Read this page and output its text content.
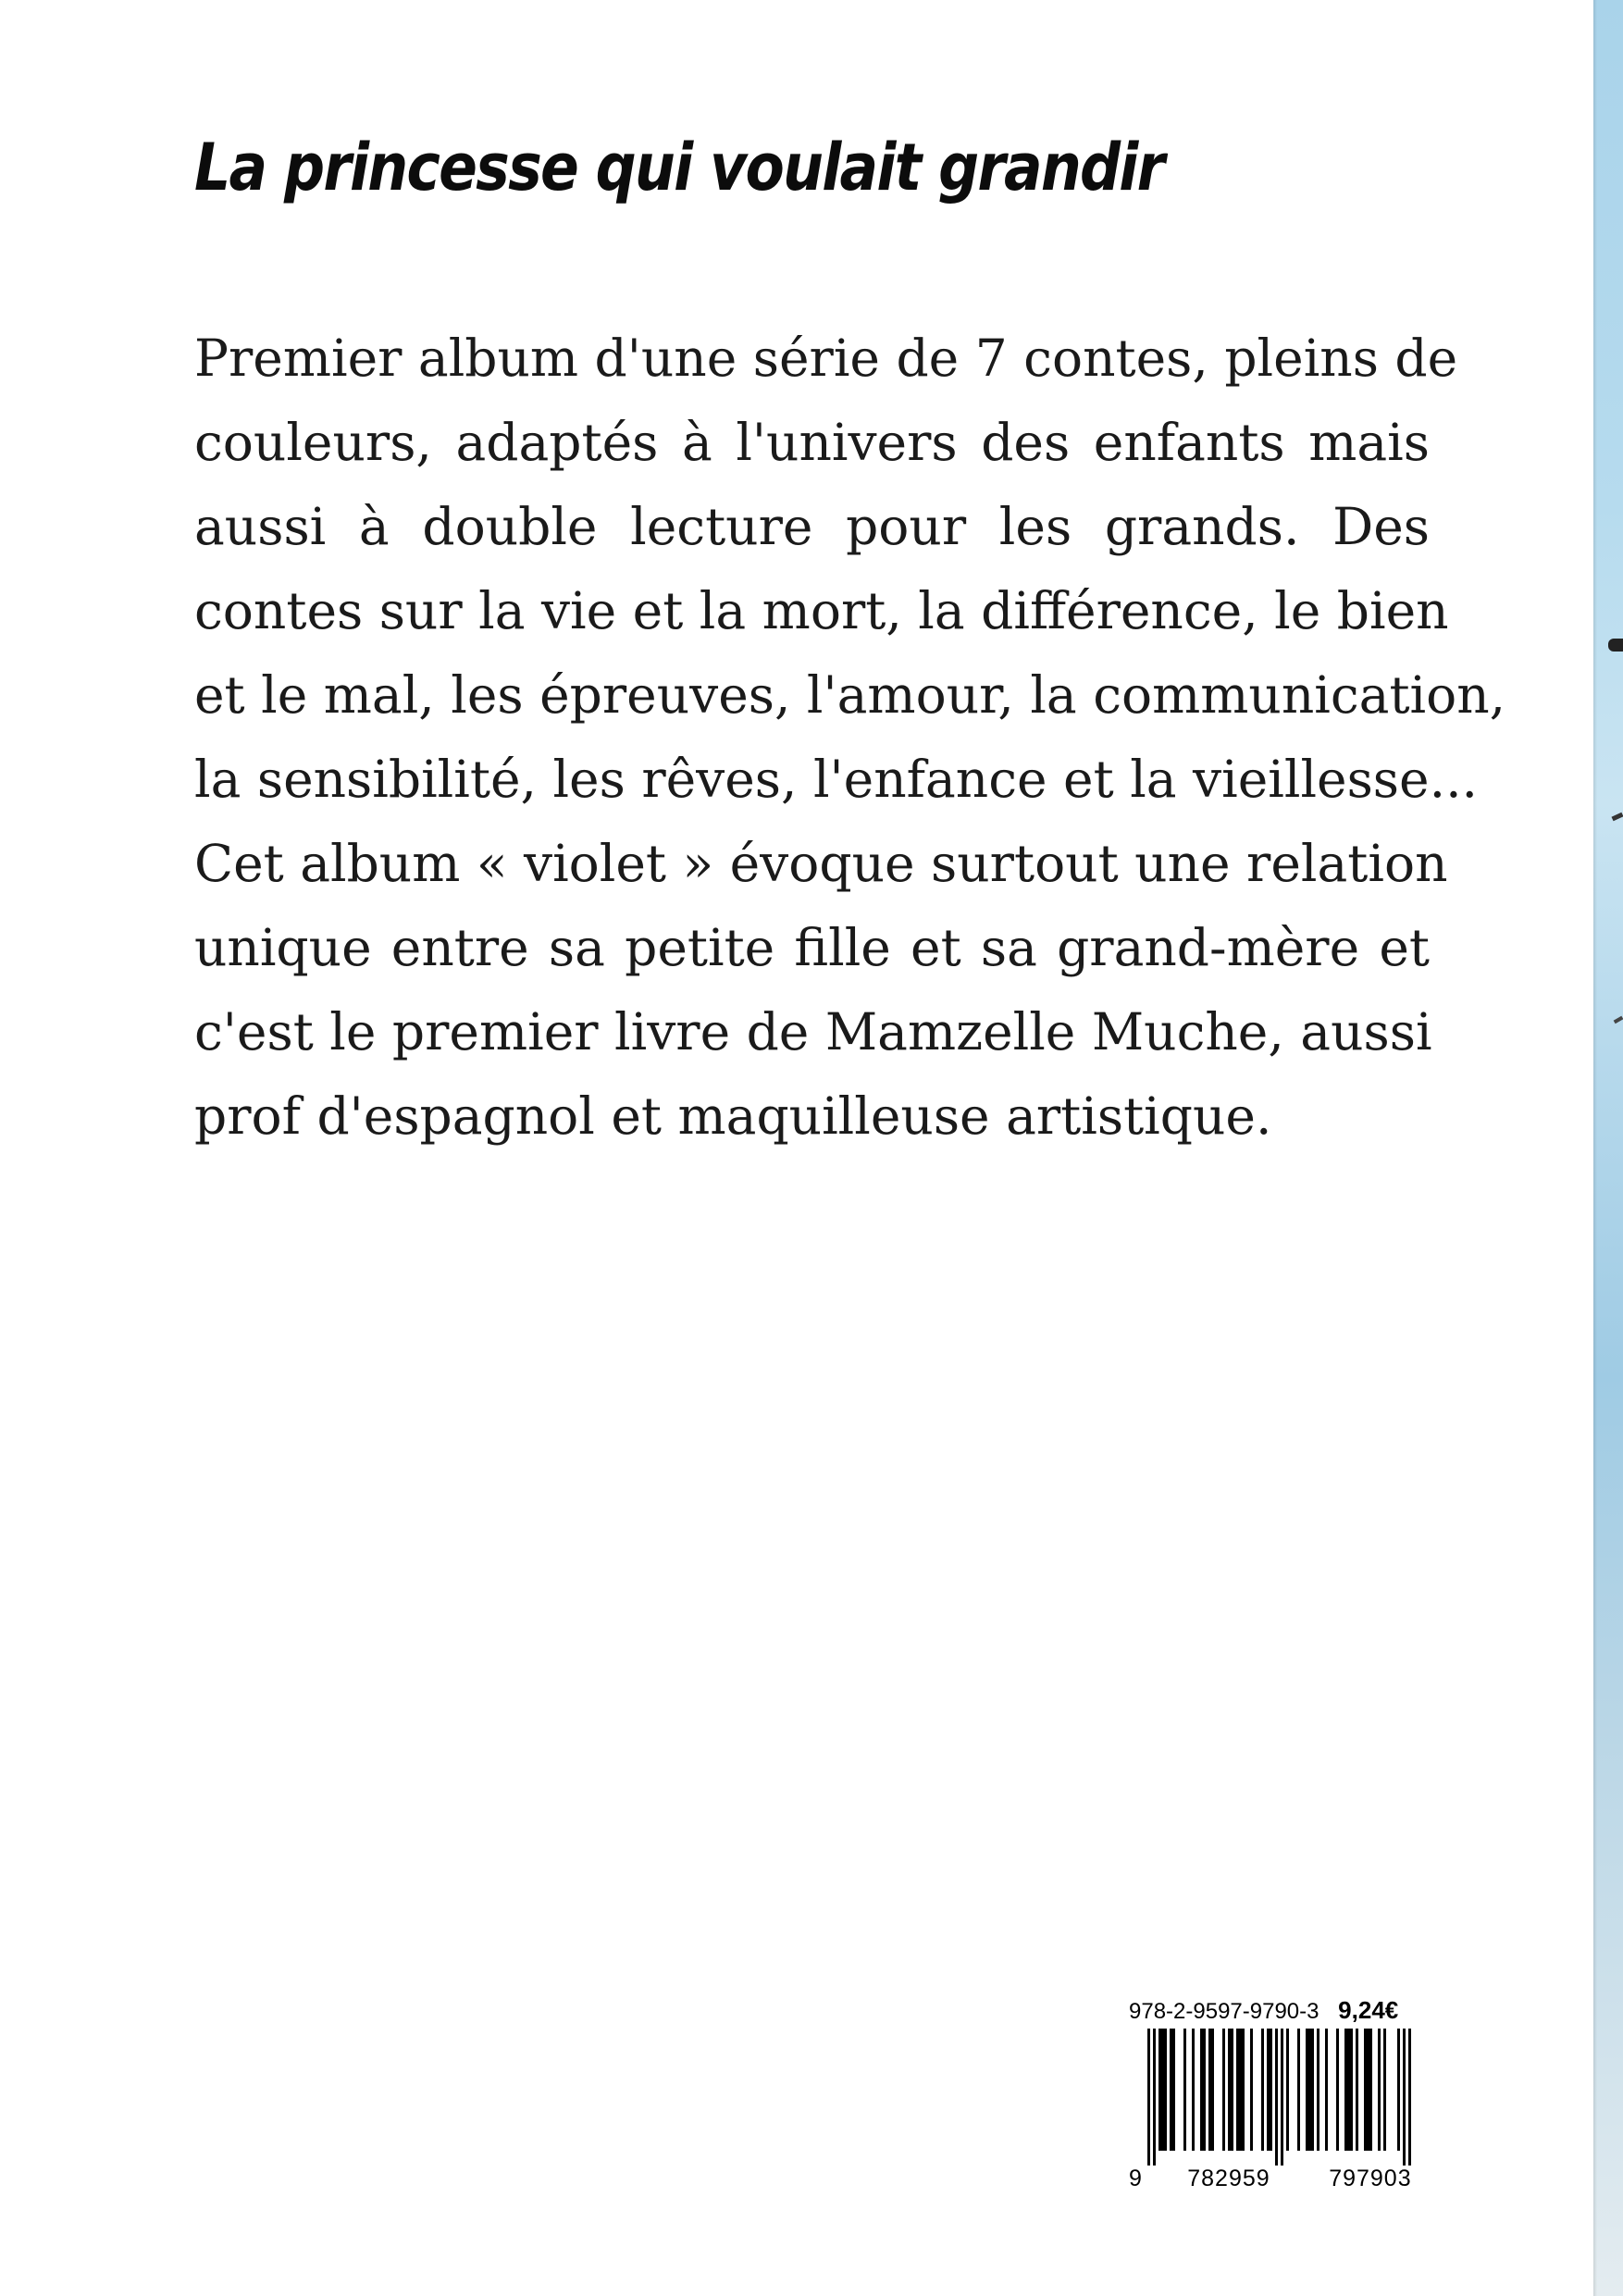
La princesse qui voulait grandir
Premier album d'une série de 7 contes, pleins de
couleurs, adaptés à l'univers des enfants mais
aussi à double lecture pour les grands. Des
contes sur la vie et la mort, la différence, le bien
et le mal, les épreuves, l'amour, la communication,
la sensibilité, les rêves, l'enfance et la vieillesse...
Cet album « violet » évoque surtout une relation
unique entre sa petite fille et sa grand-mère et
c'est le premier livre de Mamzelle Muche, aussi
prof d'espagnol et maquilleuse artistique.
978-2-9597-9790-3 9,24€
9 782959	797903
